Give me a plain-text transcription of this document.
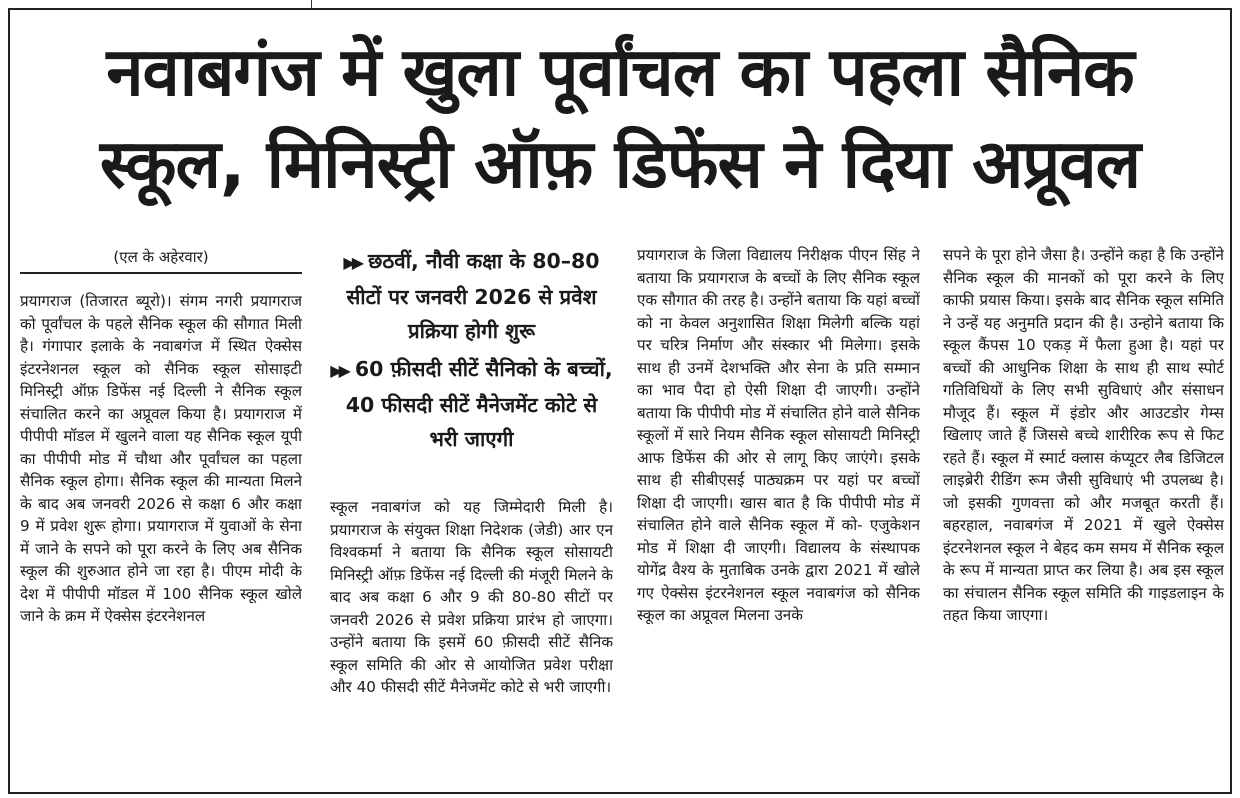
नवाबगंज में खुला पूर्वांचल का पहला सैनिक
स्कूल, मिनिस्ट्री ऑफ़ डिफेंस ने दिया अप्रूवल
(एल के अहेरवार)

प्रयागराज (तिजारत ब्यूरो)। संगम नगरी प्रयागराज को पूर्वांचल के पहले सैनिक स्कूल की सौगात मिली है। गंगापार इलाके के नवाबगंज में स्थित ऐक्सेस इंटरनेशनल स्कूल को सैनिक स्कूल सोसाइटी मिनिस्ट्री ऑफ़ डिफेंस नई दिल्ली ने सैनिक स्कूल संचालित करने का अप्रूवल किया है। प्रयागराज में पीपीपी मॉडल में खुलने वाला यह सैनिक स्कूल यूपी का पीपीपी मोड में चौथा और पूर्वांचल का पहला सैनिक स्कूल होगा। सैनिक स्कूल की मान्यता मिलने के बाद अब जनवरी 2026 से कक्षा 6 और कक्षा 9 में प्रवेश शुरू होगा। प्रयागराज में युवाओं के सेना में जाने के सपने को पूरा करने के लिए अब सैनिक स्कूल की शुरुआत होने जा रहा है। पीएम मोदी के देश में पीपीपी मॉडल में 100 सैनिक स्कूल खोले जाने के क्रम में ऐक्सेस इंटरनेशनल

▶▶ छठवीं, नौवी कक्षा के 80–80 सीटों पर जनवरी 2026 से प्रवेश प्रक्रिया होगी शुरू
▶▶ 60 फ़ीसदी सीटें सैनिको के बच्चों, 40 फीसदी सीटें मैनेजमेंट कोटे से भरी जाएगी

स्कूल नवाबगंज को यह जिम्मेदारी मिली है। प्रयागराज के संयुक्त शिक्षा निदेशक (जेडी) आर एन विश्वकर्मा ने बताया कि सैनिक स्कूल सोसायटी मिनिस्ट्री ऑफ़ डिफेंस नई दिल्ली की मंजूरी मिलने के बाद अब कक्षा 6 और 9 की 80-80 सीटों पर जनवरी 2026 से प्रवेश प्रक्रिया प्रारंभ हो जाएगा। उन्होंने बताया कि इसमें 60 फ़ीसदी सीटें सैनिक स्कूल समिति की ओर से आयोजित प्रवेश परीक्षा और 40 फीसदी सीटें मैनेजमेंट कोटे से भरी जाएगी।

प्रयागराज के जिला विद्यालय निरीक्षक पीएन सिंह ने बताया कि प्रयागराज के बच्चों के लिए सैनिक स्कूल एक सौगात की तरह है। उन्होंने बताया कि यहां बच्चों को ना केवल अनुशासित शिक्षा मिलेगी बल्कि यहां पर चरित्र निर्माण और संस्कार भी मिलेगा। इसके साथ ही उनमें देशभक्ति और सेना के प्रति सम्मान का भाव पैदा हो ऐसी शिक्षा दी जाएगी। उन्होंने बताया कि पीपीपी मोड में संचालित होने वाले सैनिक स्कूलों में सारे नियम सैनिक स्कूल सोसायटी मिनिस्ट्री आफ डिफेंस की ओर से लागू किए जाएंगे। इसके साथ ही सीबीएसई पाठ्यक्रम पर यहां पर बच्चों शिक्षा दी जाएगी। खास बात है कि पीपीपी मोड में संचालित होने वाले सैनिक स्कूल में को- एजुकेशन मोड में शिक्षा दी जाएगी। विद्यालय के संस्थापक योगेंद्र वैश्य के मुताबिक उनके द्वारा 2021 में खोले गए ऐक्सेस इंटरनेशनल स्कूल नवाबगंज को सैनिक स्कूल का अप्रूवल मिलना उनके

सपने के पूरा होने जैसा है। उन्होंने कहा है कि उन्होंने सैनिक स्कूल की मानकों को पूरा करने के लिए काफी प्रयास किया। इसके बाद सैनिक स्कूल समिति ने उन्हें यह अनुमति प्रदान की है। उन्होने बताया कि स्कूल कैंपस 10 एकड़ में फैला हुआ है। यहां पर बच्चों की आधुनिक शिक्षा के साथ ही साथ स्पोर्ट गतिविधियों के लिए सभी सुविधाएं और संसाधन मौजूद हैं। स्कूल में इंडोर और आउटडोर गेम्स खिलाए जाते हैं जिससे बच्चे शारीरिक रूप से फिट रहते हैं। स्कूल में स्मार्ट क्लास कंप्यूटर लैब डिजिटल लाइब्रेरी रीडिंग रूम जैसी सुविधाएं भी उपलब्ध है। जो इसकी गुणवत्ता को और मजबूत करती हैं। बहरहाल, नवाबगंज में 2021 में खुले ऐक्सेस इंटरनेशनल स्कूल ने बेहद कम समय में सैनिक स्कूल के रूप में मान्यता प्राप्त कर लिया है। अब इस स्कूल का संचालन सैनिक स्कूल समिति की गाइडलाइन के तहत किया जाएगा।
